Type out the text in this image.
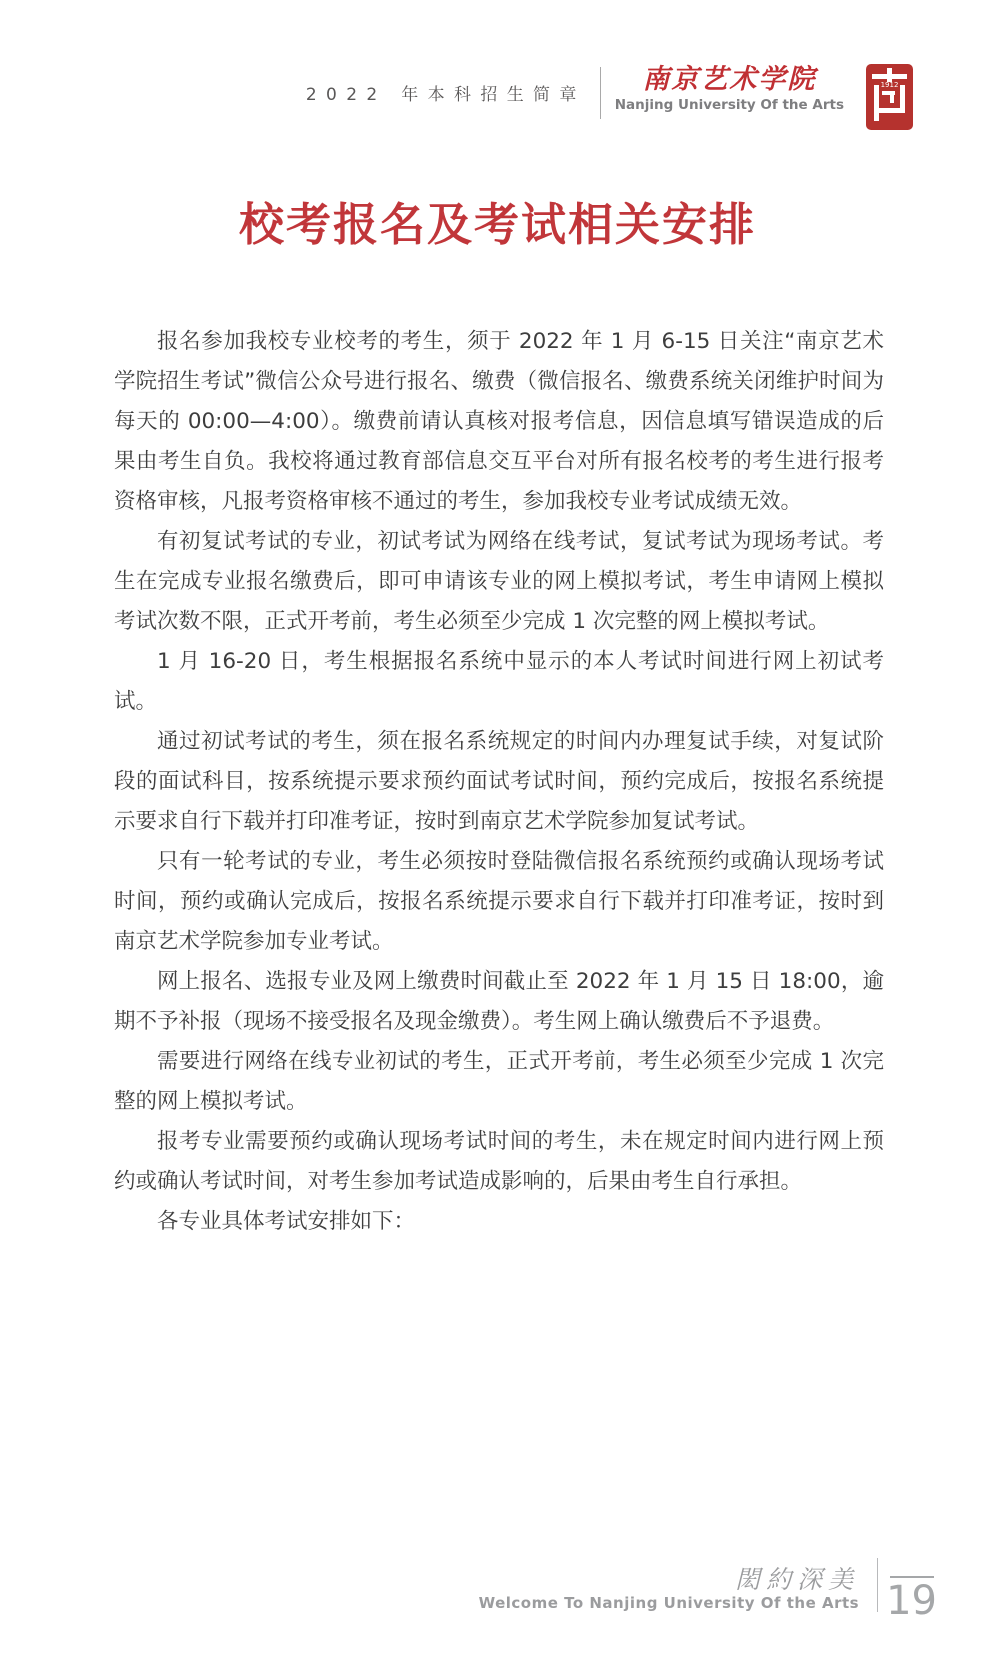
2022 年本科招生简章 南京艺术学院
Nanjing University Of the Arts
1912
校考报名及考试相关安排

报名参加我校专业校考的考生，须于 2022 年 1 月 6-15 日关注“南京艺术学院招生考试”微信公众号进行报名、缴费（微信报名、缴费系统关闭维护时间为每天的 00:00—4:00）。缴费前请认真核对报考信息，因信息填写错误造成的后果由考生自负。我校将通过教育部信息交互平台对所有报名校考的考生进行报考资格审核，凡报考资格审核不通过的考生，参加我校专业考试成绩无效。

有初复试考试的专业，初试考试为网络在线考试，复试考试为现场考试。考生在完成专业报名缴费后，即可申请该专业的网上模拟考试，考生申请网上模拟考试次数不限，正式开考前，考生必须至少完成 1 次完整的网上模拟考试。

1 月 16-20 日，考生根据报名系统中显示的本人考试时间进行网上初试考试。

通过初试考试的考生，须在报名系统规定的时间内办理复试手续，对复试阶段的面试科目，按系统提示要求预约面试考试时间，预约完成后，按报名系统提示要求自行下载并打印准考证，按时到南京艺术学院参加复试考试。

只有一轮考试的专业，考生必须按时登陆微信报名系统预约或确认现场考试时间，预约或确认完成后，按报名系统提示要求自行下载并打印准考证，按时到南京艺术学院参加专业考试。

网上报名、选报专业及网上缴费时间截止至 2022 年 1 月 15 日 18:00，逾期不予补报（现场不接受报名及现金缴费）。考生网上确认缴费后不予退费。

需要进行网络在线专业初试的考生，正式开考前，考生必须至少完成 1 次完整的网上模拟考试。

报考专业需要预约或确认现场考试时间的考生，未在规定时间内进行网上预约或确认考试时间，对考生参加考试造成影响的，后果由考生自行承担。

各专业具体考试安排如下：

閎約深美
Welcome To Nanjing University Of the Arts 19
